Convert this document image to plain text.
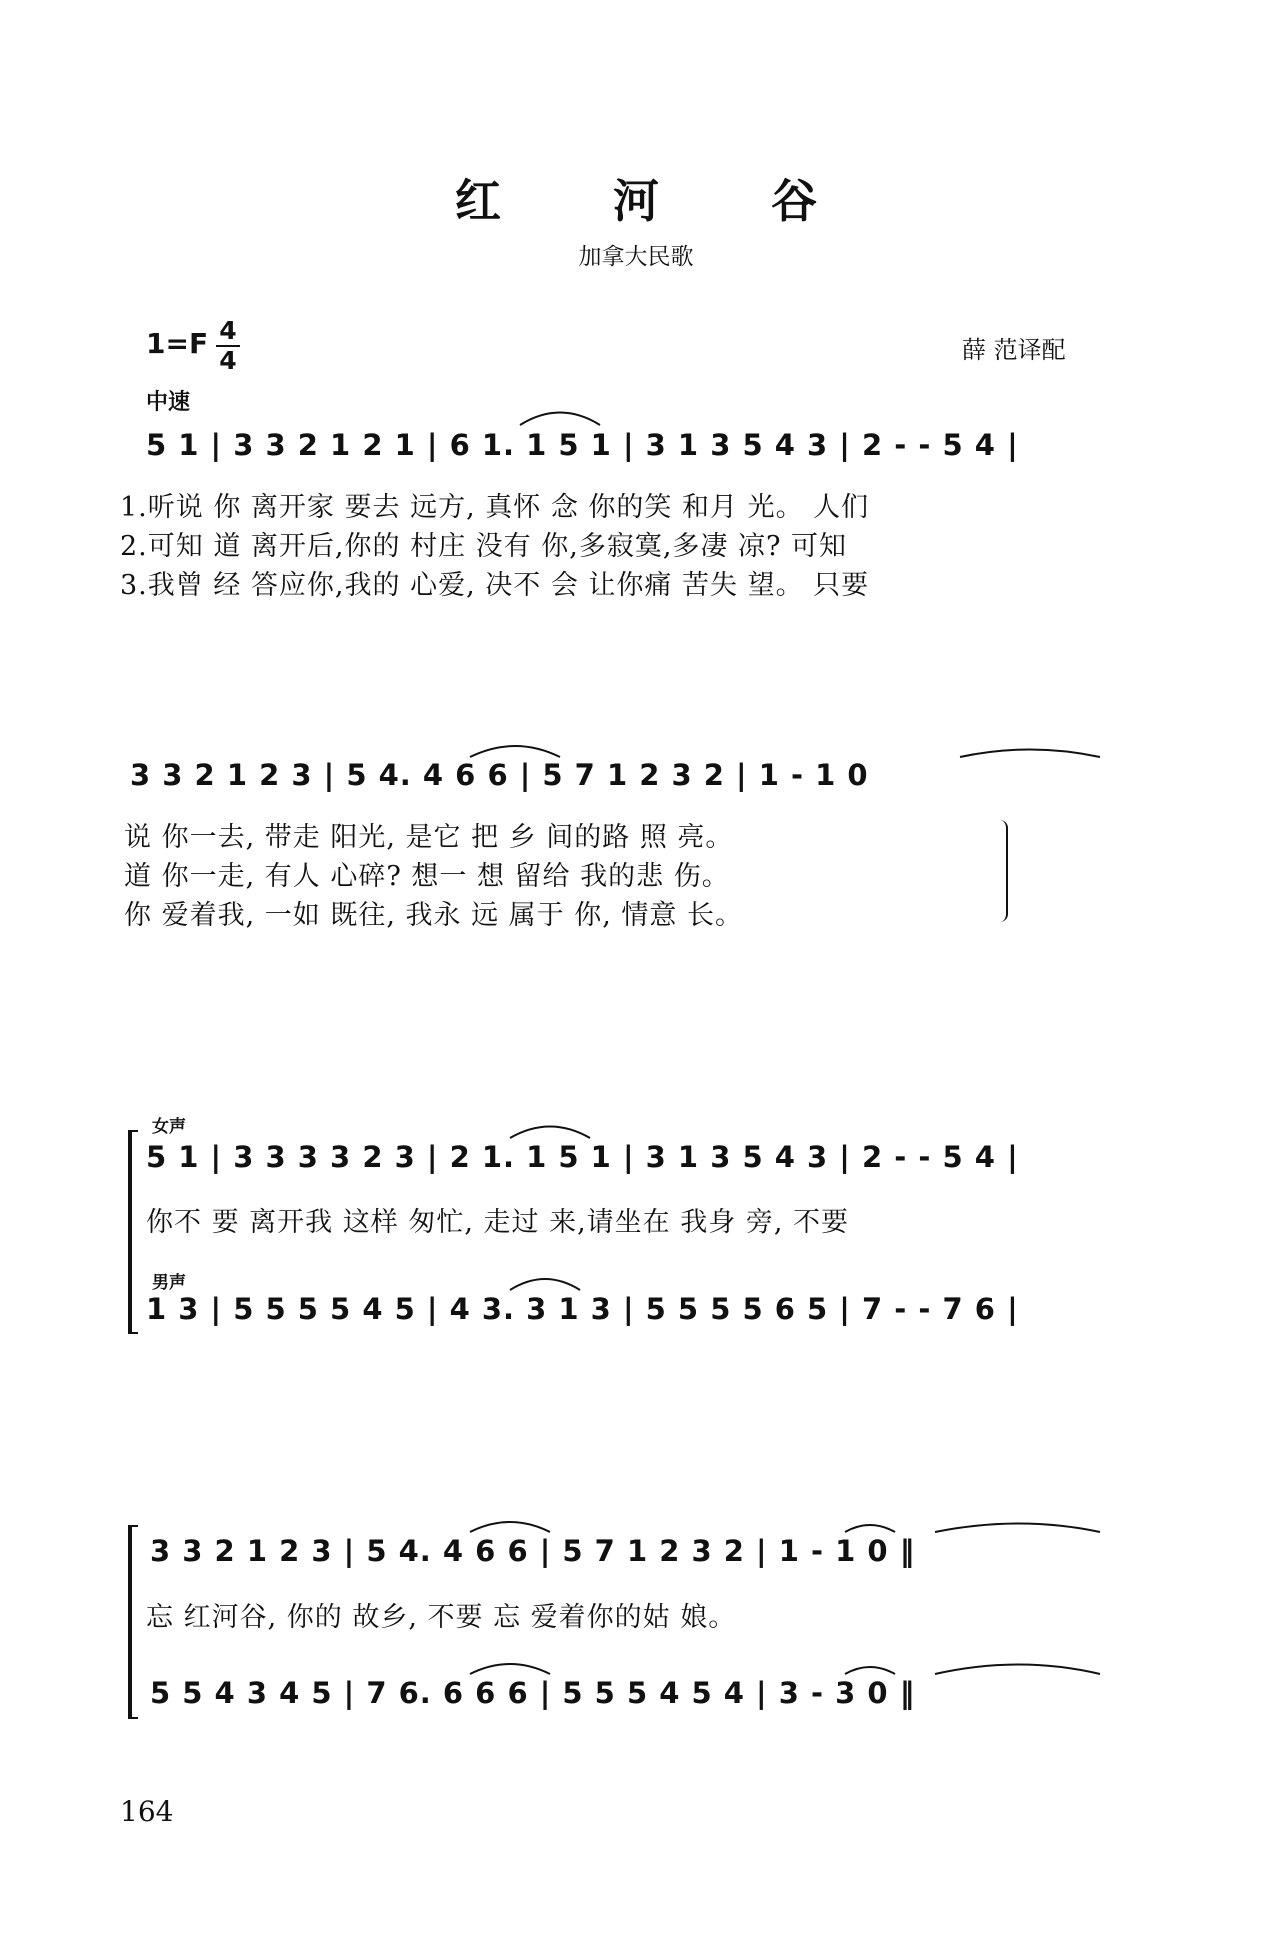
红 河 谷
加拿大民歌
1=F 4
4	薛 范译配
中速
5 1 | 3 3 2 1 2 1 | 6 1. 1 5 1 | 3 1 3 5 4 3 | 2 - - 5 4 |
1.听说 你 离开家 要去 远方, 真怀 念 你的笑 和月 光。 人们
2.可知 道 离开后,你的 村庄 没有 你,多寂寞,多凄 凉? 可知
3.我曾 经 答应你,我的 心爱, 决不 会 让你痛 苦失 望。 只要
3 3 2 1 2 3 | 5 4. 4 6 6 | 5 7 1 2 3 2 | 1 - 1 0
说 你一去, 带走 阳光, 是它 把 乡 间的路 照 亮。
道 你一走, 有人 心碎? 想一 想 留给 我的悲 伤。
你 爱着我, 一如 既往, 我永 远 属于 你, 情意 长。
女声
5 1 | 3 3 3 3 2 3 | 2 1. 1 5 1 | 3 1 3 5 4 3 | 2 - - 5 4 |
你不 要 离开我 这样 匆忙, 走过 来,请坐在 我身 旁, 不要
男声
1 3 | 5 5 5 5 4 5 | 4 3. 3 1 3 | 5 5 5 5 6 5 | 7 - - 7 6 |
3 3 2 1 2 3 | 5 4. 4 6 6 | 5 7 1 2 3 2 | 1 - 1 0 ‖
忘 红河谷, 你的 故乡, 不要 忘 爱着你的姑 娘。
5 5 4 3 4 5 | 7 6. 6 6 6 | 5 5 5 4 5 4 | 3 - 3 0 ‖
164
